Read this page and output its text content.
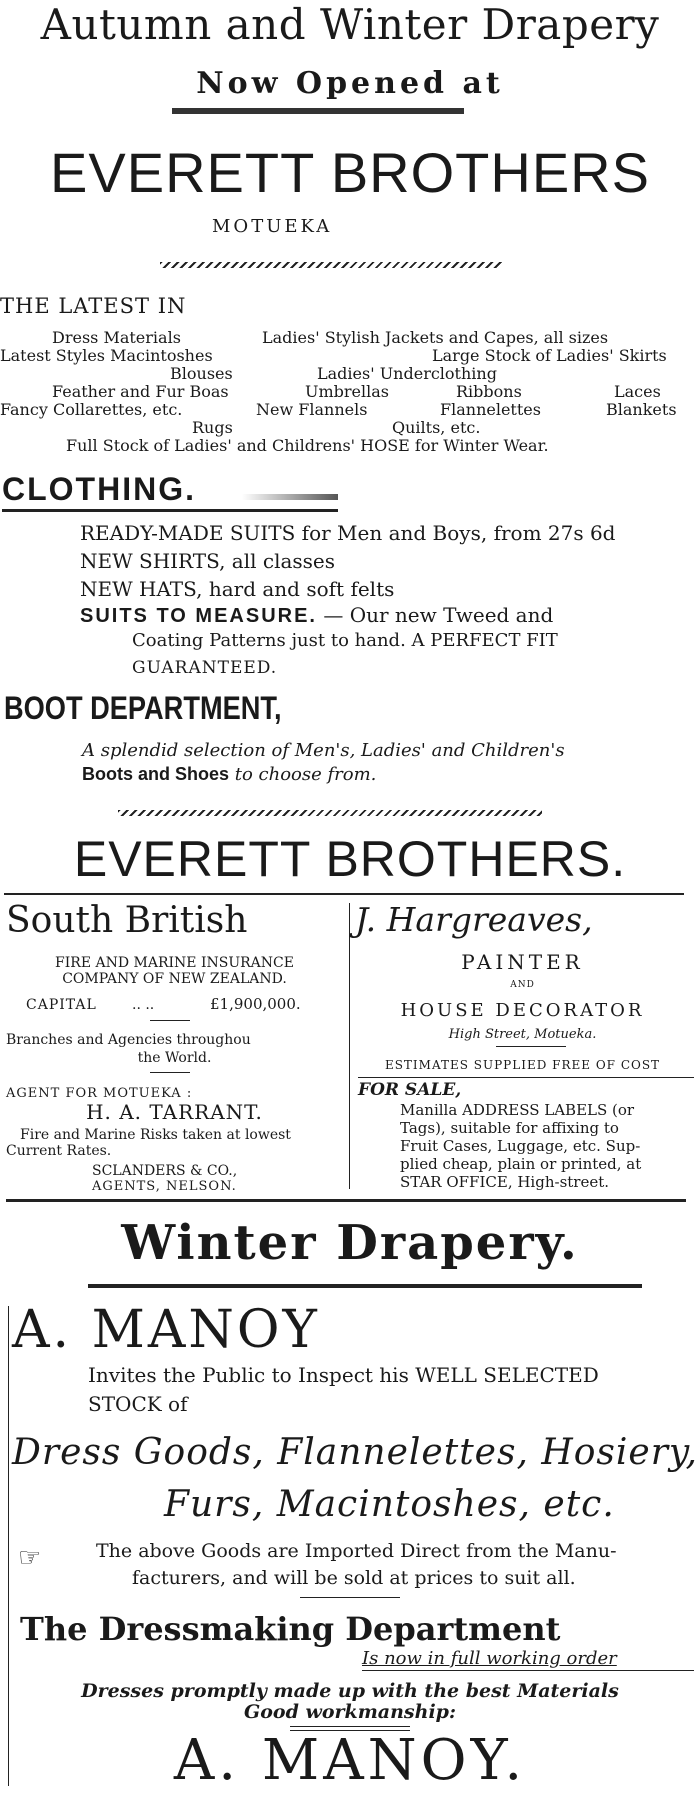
Autumn and Winter Drapery
Now Opened at
EVERETT BROTHERS
MOTUEKA
THE LATEST IN
Dress Materials	Ladies' Stylish Jackets and Capes, all sizes
Latest Styles Macintoshes	Large Stock of Ladies' Skirts
Blouses	Ladies' Underclothing
Feather and Fur Boas	Umbrellas	Ribbons	Laces
Fancy Collarettes, etc.	New Flannels	Flannelettes	Blankets
Rugs	Quilts, etc.
Full Stock of Ladies' and Childrens' HOSE for Winter Wear.
CLOTHING.
READY-MADE SUITS for Men and Boys, from 27s 6d
NEW SHIRTS, all classes
NEW HATS, hard and soft felts
SUITS TO MEASURE. — Our new Tweed and
Coating Patterns just to hand. A PERFECT FIT
GUARANTEED.
BOOT DEPARTMENT,
A splendid selection of Men's, Ladies' and Children's
Boots and Shoes to choose from.
EVERETT BROTHERS.
South British
FIRE AND MARINE INSURANCE
COMPANY OF NEW ZEALAND.
CAPITAL	.. ..	£1,900,000.
Branches and Agencies throughou
the World.
AGENT FOR MOTUEKA :
H. A. TARRANT.
Fire and Marine Risks taken at lowest
Current Rates.
SCLANDERS & CO.,
AGENTS, NELSON.
J. Hargreaves,
PAINTER
AND
HOUSE DECORATOR
High Street, Motueka.
ESTIMATES SUPPLIED FREE OF COST
FOR SALE,
Manilla ADDRESS LABELS (or
Tags), suitable for affixing to
Fruit Cases, Luggage, etc. Sup-
plied cheap, plain or printed, at
STAR OFFICE, High-street.
Winter Drapery.
A. MANOY
Invites the Public to Inspect his WELL SELECTED
STOCK of
Dress Goods, Flannelettes, Hosiery,
Furs, Macintoshes, etc.
☞	The above Goods are Imported Direct from the Manu-
facturers, and will be sold at prices to suit all.
The Dressmaking Department
Is now in full working order
Dresses promptly made up with the best Materials
Good workmanship:
A. MANOY.
